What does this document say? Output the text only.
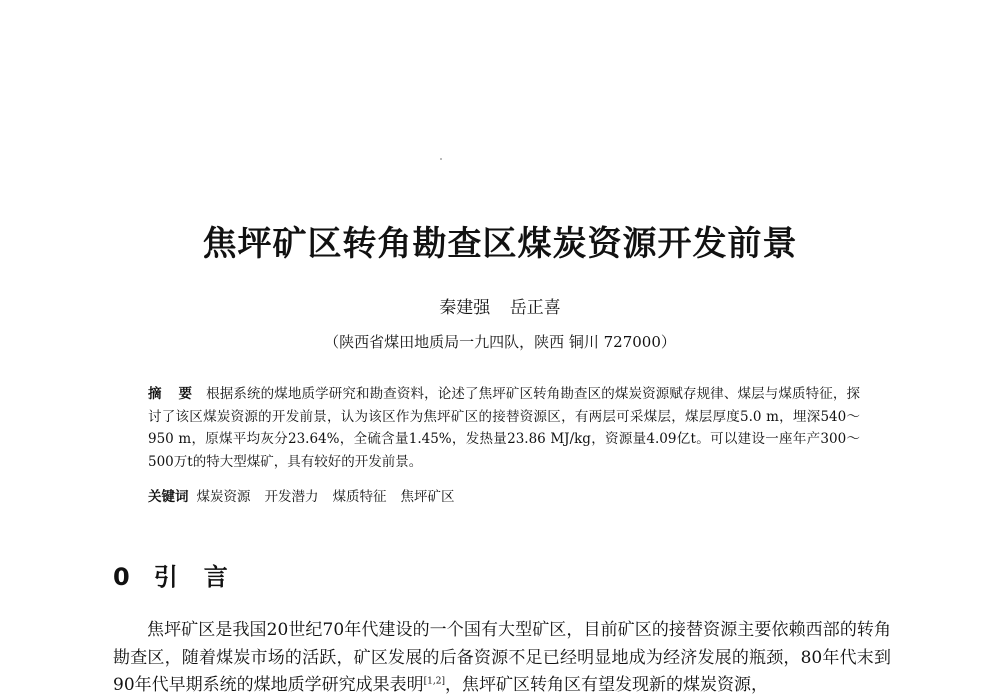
焦坪矿区转角勘查区煤炭资源开发前景
秦建强 岳正喜
（陕西省煤田地质局一九四队，陕西 铜川 727000）
摘 要 根据系统的煤地质学研究和勘查资料，论述了焦坪矿区转角勘查区的煤炭资源赋存规律、煤层与煤质特征，探讨了该区煤炭资源的开发前景，认为该区作为焦坪矿区的接替资源区，有两层可采煤层，煤层厚度5.0 m，埋深540～950 m，原煤平均灰分23.64%，全硫含量1.45%，发热量23.86 MJ/kg，资源量4.09亿t。可以建设一座年产300～500万t的特大型煤矿，具有较好的开发前景。
关键词 煤炭资源 开发潜力 煤质特征 焦坪矿区
0 引言
焦坪矿区是我国20世纪70年代建设的一个国有大型矿区，目前矿区的接替资源主要依赖西部的转角勘查区，随着煤炭市场的活跃，矿区发展的后备资源不足已经明显地成为经济发展的瓶颈，80年代末到90年代早期系统的煤地质学研究成果表明[1,2]，焦坪矿区转角区有望发现新的煤炭资源，
